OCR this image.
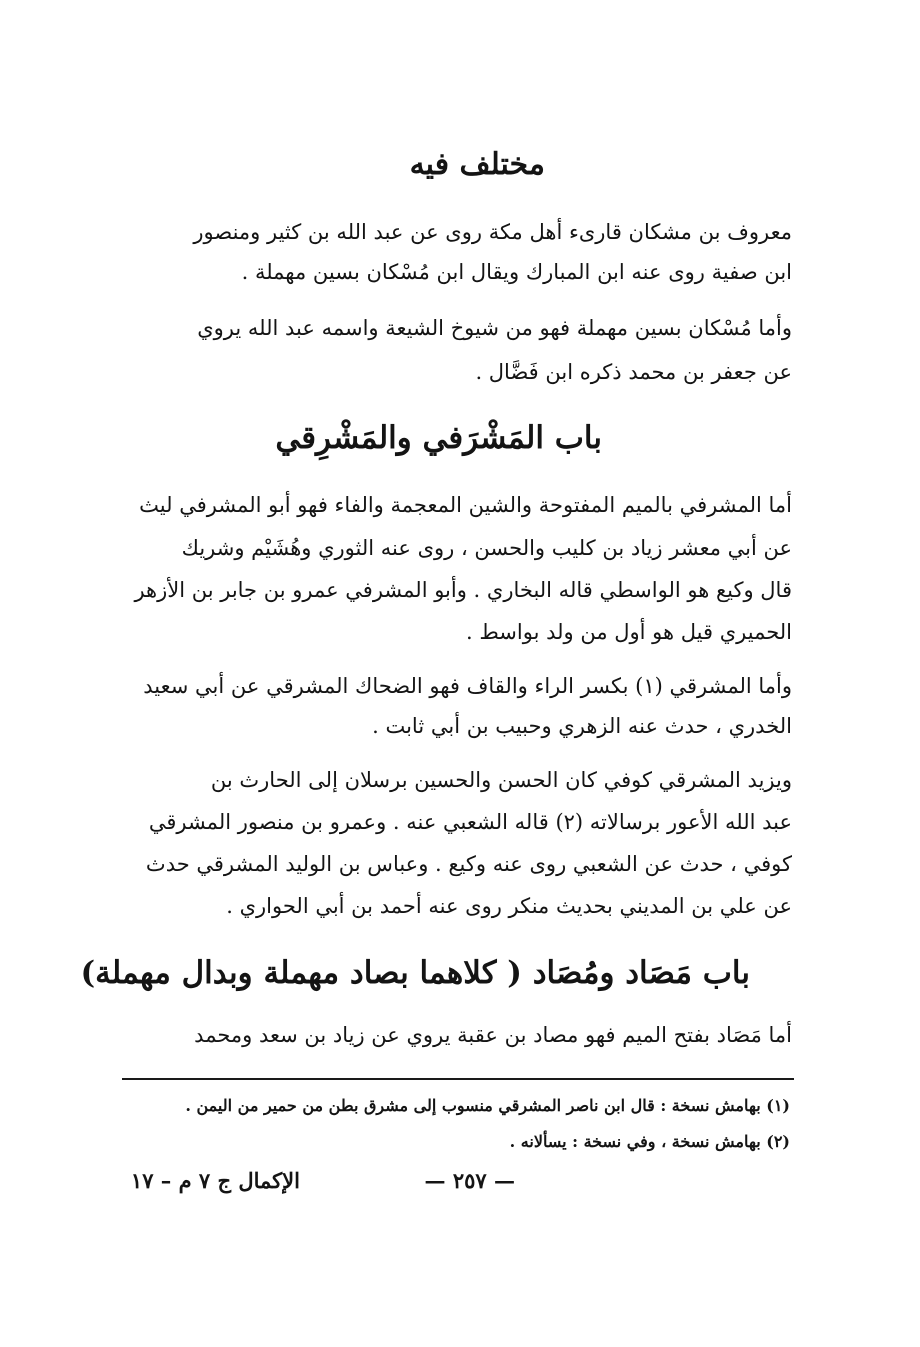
مختلف فيه
معروف بن مشكان قارىء أهل مكة روى عن عبد الله بن كثير ومنصور
ابن صفية روى عنه ابن المبارك ويقال ابن مُسْكان بسين مهملة .
وأما مُسْكان بسين مهملة فهو من شيوخ الشيعة واسمه عبد الله يروي
عن جعفر بن محمد ذكره ابن فَضَّال .
باب المَشْرَفي والمَشْرِقي
أما المشرفي بالميم المفتوحة والشين المعجمة والفاء فهو أبو المشرفي ليث
عن أبي معشر زياد بن كليب والحسن ، روى عنه الثوري وهُشَيْم وشريك
قال وكيع هو الواسطي قاله البخاري . وأبو المشرفي عمرو بن جابر بن الأزهر
الحميري قيل هو أول من ولد بواسط .
وأما المشرقي (١) بكسر الراء والقاف فهو الضحاك المشرقي عن أبي سعيد
الخدري ، حدث عنه الزهري وحبيب بن أبي ثابت .
ويزيد المشرقي كوفي كان الحسن والحسين برسلان إلى الحارث بن
عبد الله الأعور برسالاته (٢) قاله الشعبي عنه . وعمرو بن منصور المشرقي
كوفي ، حدث عن الشعبي روى عنه وكيع . وعباس بن الوليد المشرقي حدث
عن علي بن المديني بحديث منكر روى عنه أحمد بن أبي الحواري .
باب مَصَاد ومُصَاد ( كلاهما بصاد مهملة وبدال مهملة)
أما مَصَاد بفتح الميم فهو مصاد بن عقبة يروي عن زياد بن سعد ومحمد
(١) بهامش نسخة : قال ابن ناصر المشرقي منسوب إلى مشرق بطن من حمير من اليمن .
(٢) بهامش نسخة ، وفي نسخة : يسألانه .
— ٢٥٧ —
الإكمال ج ٧ م – ١٧
